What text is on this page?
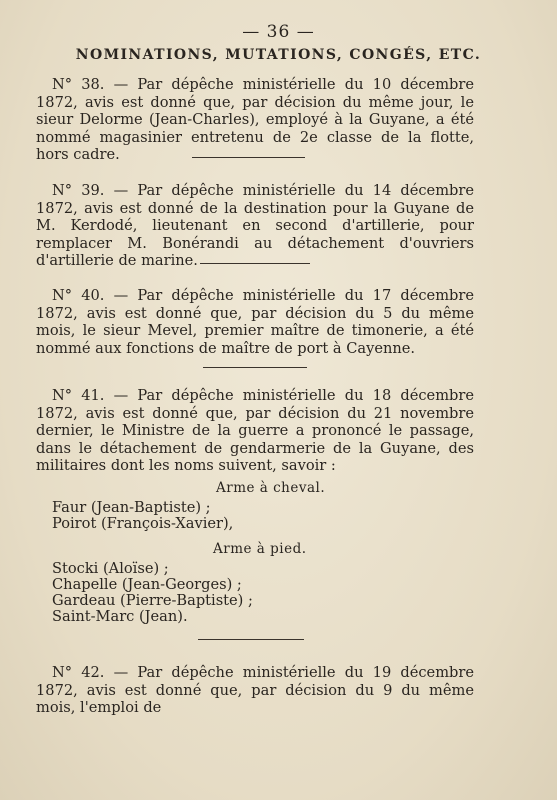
— 36 —
NOMINATIONS, MUTATIONS, CONGÉS, ETC.

N° 38. — Par dépêche ministérielle du 10 décembre 1872, avis est donné que, par décision du même jour, le sieur Delorme (Jean-Charles), employé à la Guyane, a été nommé magasinier entretenu de 2e classe de la flotte, hors cadre.

N° 39. — Par dépêche ministérielle du 14 décembre 1872, avis est donné de la destination pour la Guyane de M. Kerdodé, lieutenant en second d'artillerie, pour remplacer M. Bonérandi au détachement d'ouvriers d'artillerie de marine.

N° 40. — Par dépêche ministérielle du 17 décembre 1872, avis est donné que, par décision du 5 du même mois, le sieur Mevel, premier maître de timonerie, a été nommé aux fonctions de maître de port à Cayenne.

N° 41. — Par dépêche ministérielle du 18 décembre 1872, avis est donné que, par décision du 21 novembre dernier, le Ministre de la guerre a prononcé le passage, dans le détachement de gendarmerie de la Guyane, des militaires dont les noms suivent, savoir :

Arme à cheval.
Faur (Jean-Baptiste) ;
Poirot (François-Xavier),
Arme à pied.
Stocki (Aloïse) ;
Chapelle (Jean-Georges) ;
Gardeau (Pierre-Baptiste) ;
Saint-Marc (Jean).

N° 42. — Par dépêche ministérielle du 19 décembre 1872, avis est donné que, par décision du 9 du même mois, l'emploi de
